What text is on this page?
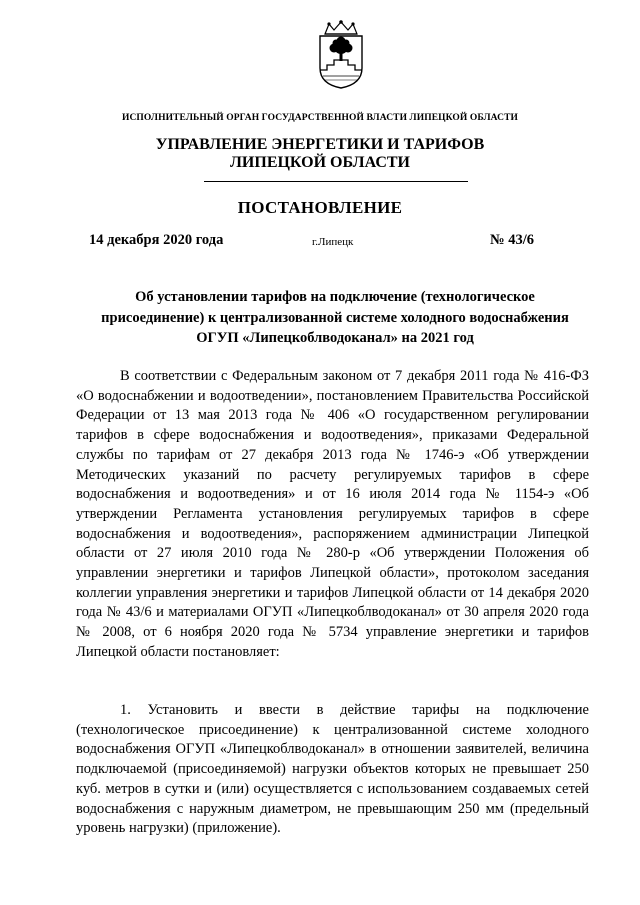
ИСПОЛНИТЕЛЬНЫЙ ОРГАН ГОСУДАРСТВЕННОЙ ВЛАСТИ ЛИПЕЦКОЙ ОБЛАСТИ
УПРАВЛЕНИЕ ЭНЕРГЕТИКИ И ТАРИФОВ
ЛИПЕЦКОЙ ОБЛАСТИ
ПОСТАНОВЛЕНИЕ
14 декабря 2020 года	г.Липецк	№ 43/6
Об установлении тарифов на подключение (технологическое
присоединение) к централизованной системе холодного водоснабжения
ОГУП «Липецкоблводоканал» на 2021 год

В соответствии с Федеральным законом от 7 декабря 2011 года № 416-ФЗ «О водоснабжении и водоотведении», постановлением Правительства Российской Федерации от 13 мая 2013 года № 406 «О государственном регулировании тарифов в сфере водоснабжения и водоотведения», приказами Федеральной службы по тарифам от 27 декабря 2013 года № 1746-э «Об утверждении Методических указаний по расчету регулируемых тарифов в сфере водоснабжения и водоотведения» и от 16 июля 2014 года № 1154-э «Об утверждении Регламента установления регулируемых тарифов в сфере водоснабжения и водоотведения», распоряжением администрации Липецкой области от 27 июля 2010 года № 280-р «Об утверждении Положения об управлении энергетики и тарифов Липецкой области», протоколом заседания коллегии управления энергетики и тарифов Липецкой области от 14 декабря 2020 года № 43/6 и материалами ОГУП «Липецкоблводоканал» от 30 апреля 2020 года № 2008, от 6 ноября 2020 года № 5734 управление энергетики и тарифов Липецкой области постановляет:

1. Установить и ввести в действие тарифы на подключение (технологическое присоединение) к централизованной системе холодного водоснабжения ОГУП «Липецкоблводоканал» в отношении заявителей, величина подключаемой (присоединяемой) нагрузки объектов которых не превышает 250 куб. метров в сутки и (или) осуществляется с использованием создаваемых сетей водоснабжения с наружным диаметром, не превышающим 250 мм (предельный уровень нагрузки) (приложение).
